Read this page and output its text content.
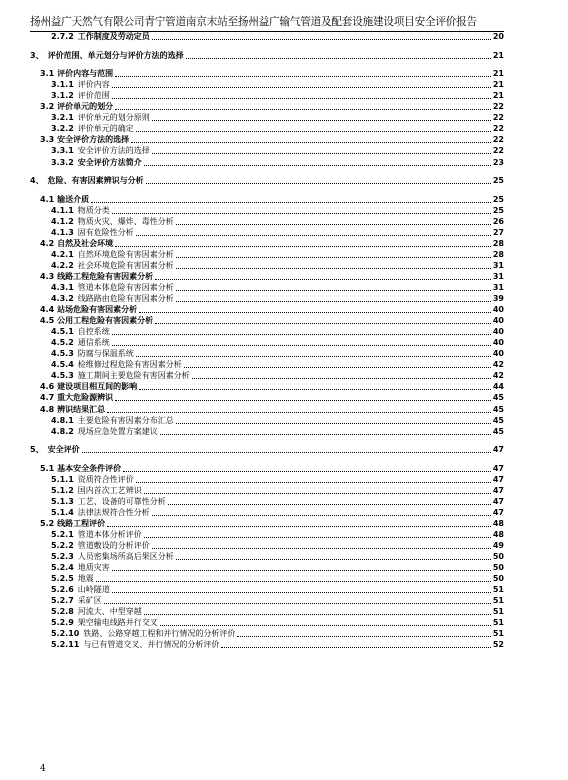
扬州益广天然气有限公司青宁管道南京末站至扬州益广输气管道及配套设施建设项目安全评价报告
2.7.2 工作制度及劳动定员	20
3、 评价范围、单元划分与评价方法的选择	21
3.1 评价内容与范围	21
3.1.1 评价内容	21
3.1.2 评价范围	21
3.2 评价单元的划分	22
3.2.1 评价单元的划分原则	22
3.2.2 评价单元的确定	22
3.3 安全评价方法的选择	22
3.3.1 安全评价方法的选择	22
3.3.2 安全评价方法简介	23
4、 危险、有害因素辨识与分析	25
4.1 输送介质	25
4.1.1 物质分类	25
4.1.2 物质火灾、爆炸、毒性分析	26
4.1.3 固有危险性分析	27
4.2 自然及社会环境	28
4.2.1 自然环境危险有害因素分析	28
4.2.2 社会环境危险有害因素分析	31
4.3 线路工程危险有害因素分析	31
4.3.1 管道本体危险有害因素分析	31
4.3.2 线路路由危险有害因素分析	39
4.4 站场危险有害因素分析	40
4.5 公用工程危险有害因素分析	40
4.5.1 自控系统	40
4.5.2 通信系统	40
4.5.3 防腐与保温系统	40
4.5.4 检维修过程危险有害因素分析	42
4.5.3 施工期间主要危险有害因素分析	42
4.6 建设项目相互间的影响	44
4.7 重大危险源辨识	45
4.8 辨识结果汇总	45
4.8.1 主要危险有害因素分布汇总	45
4.8.2 现场应急处置方案建议	45
5、 安全评价	47
5.1 基本安全条件评价	47
5.1.1 资质符合性评价	47
5.1.2 国内首次工艺辨识	47
5.1.3 工艺、设备的可靠性分析	47
5.1.4 法律法规符合性分析	47
5.2 线路工程评价	48
5.2.1 管道本体分析评价	48
5.2.2 管道敷设的分析评价	49
5.2.3 人员密集场所高后果区分析	50
5.2.4 地质灾害	50
5.2.5 地震	50
5.2.6 山岭隧道	51
5.2.7 采矿区	51
5.2.8 河流大、中型穿越	51
5.2.9 架空输电线路并行交叉	51
5.2.10 铁路、公路穿越工程和并行情况的分析评价	51
5.2.11 与已有管道交叉、并行情况的分析评价	52
4
